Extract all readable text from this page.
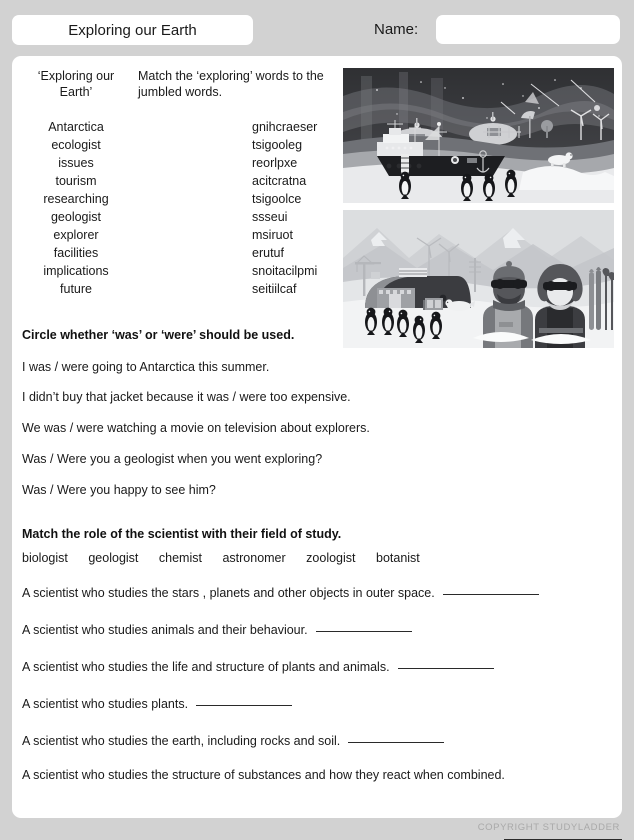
Exploring our Earth	Name:
‘Exploring our Earth’
Match the ‘exploring’ words to the jumbled words.
Antarctica
ecologist
issues
tourism
researching
geologist
explorer
facilities
implications
future
gnihcraeser
tsigooleg
reorlpxe
acitcratna
tsigoolce
ssseui
msiruot
erutuf
snoitacilpmi
seitiilcaf
Circle whether ‘was’ or ‘were’ should be used.
I was / were going to Antarctica this summer.
I didn’t buy that jacket because it was / were too expensive.
We was / were watching a movie on television about explorers.
Was / Were you a geologist when you went exploring?
Was / Were you happy to see him?
Match the role of the scientist with their field of study.
biologist geologist chemist astronomer zoologist botanist
A scientist who studies the stars , planets and other objects in outer space.
A scientist who studies animals and their behaviour.
A scientist who studies the life and structure of plants and animals.
A scientist who studies plants.
A scientist who studies the earth, including rocks and soil.
A scientist who studies the structure of substances and how they react when combined.
COPYRIGHT STUDYLADDER
